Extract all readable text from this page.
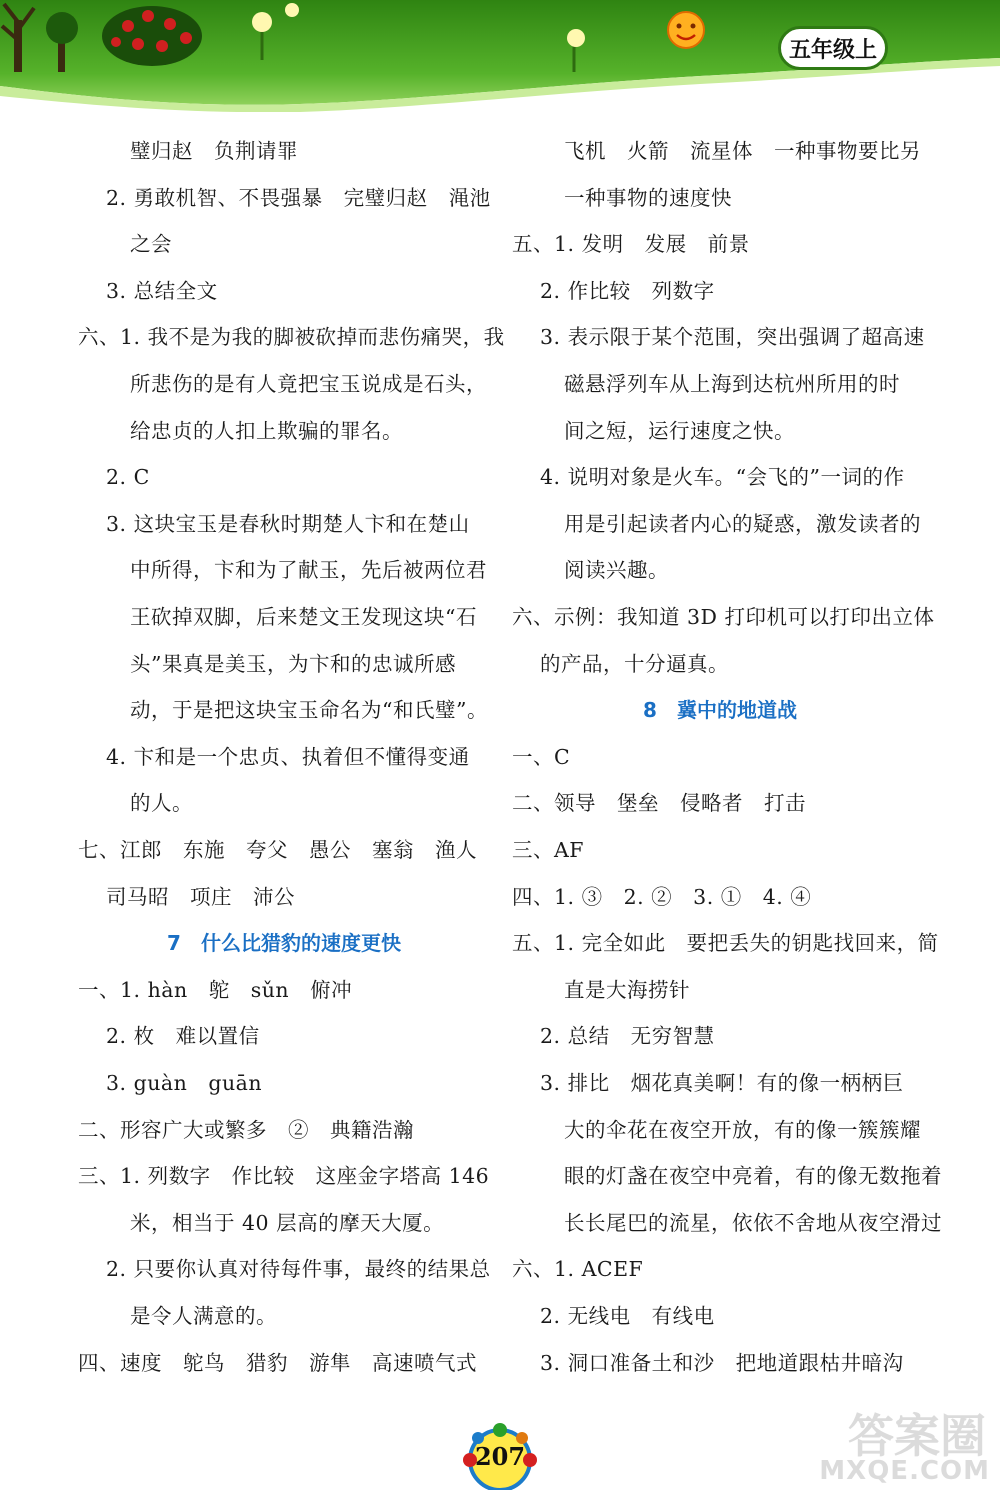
五年级上
璧归赵　负荆请罪
2. 勇敢机智、不畏强暴　完璧归赵　渑池
之会
3. 总结全文
六、1. 我不是为我的脚被砍掉而悲伤痛哭，我
所悲伤的是有人竟把宝玉说成是石头，
给忠贞的人扣上欺骗的罪名。
2. C
3. 这块宝玉是春秋时期楚人卞和在楚山
中所得，卞和为了献玉，先后被两位君
王砍掉双脚，后来楚文王发现这块“石
头”果真是美玉，为卞和的忠诚所感
动，于是把这块宝玉命名为“和氏璧”。
4. 卞和是一个忠贞、执着但不懂得变通
的人。
七、江郎　东施　夸父　愚公　塞翁　渔人
司马昭　项庄　沛公
7 什么比猎豹的速度更快
一、1. hàn　鸵　sǔn　俯冲
2. 枚　难以置信
3. guàn　guān
二、形容广大或繁多　②　典籍浩瀚
三、1. 列数字　作比较　这座金字塔高 146
米，相当于 40 层高的摩天大厦。
2. 只要你认真对待每件事，最终的结果总
是令人满意的。
四、速度　鸵鸟　猎豹　游隼　高速喷气式
飞机　火箭　流星体　一种事物要比另
一种事物的速度快
五、1. 发明　发展　前景
2. 作比较　列数字
3. 表示限于某个范围，突出强调了超高速
磁悬浮列车从上海到达杭州所用的时
间之短，运行速度之快。
4. 说明对象是火车。“会飞的”一词的作
用是引起读者内心的疑惑，激发读者的
阅读兴趣。
六、示例：我知道 3D 打印机可以打印出立体
的产品，十分逼真。
8 冀中的地道战
一、C
二、领导　堡垒　侵略者　打击
三、AF
四、1. ③　2. ②　3. ①　4. ④
五、1. 完全如此　要把丢失的钥匙找回来，简
直是大海捞针
2. 总结　无穷智慧
3. 排比　烟花真美啊！有的像一柄柄巨
大的伞花在夜空开放，有的像一簇簇耀
眼的灯盏在夜空中亮着，有的像无数拖着
长长尾巴的流星，依依不舍地从夜空滑过
六、1. ACEF
2. 无线电　有线电
3. 洞口准备土和沙　把地道跟枯井暗沟
207	答案圈
MXQE.COM
